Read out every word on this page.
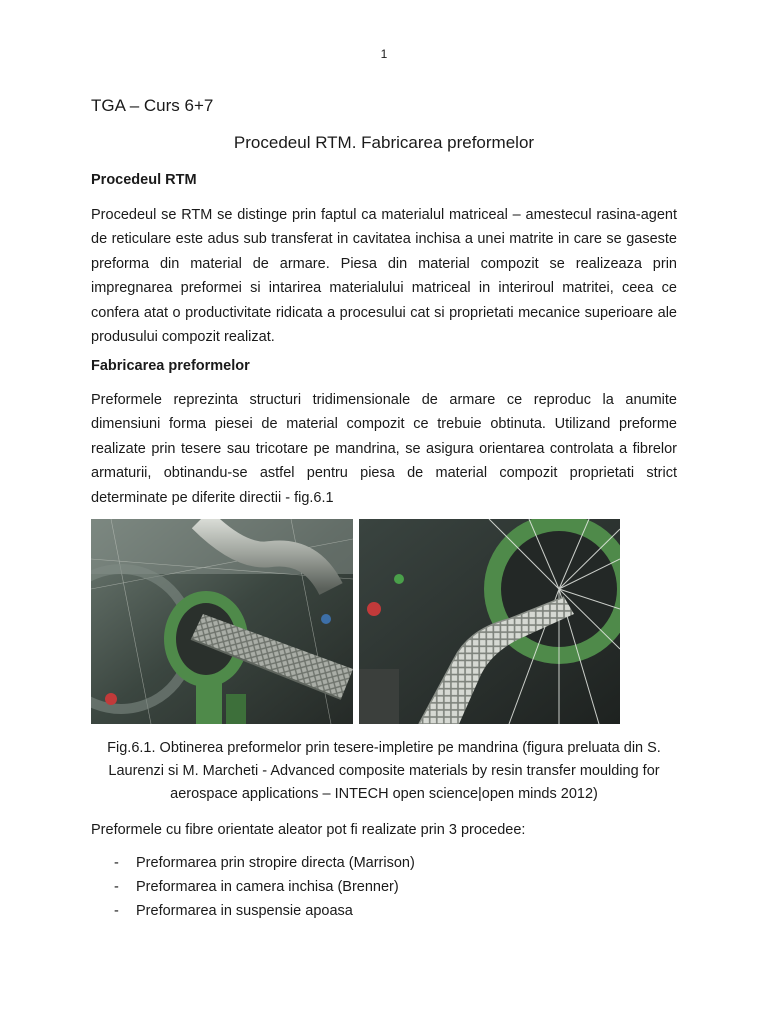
1
TGA – Curs 6+7
Procedeul RTM. Fabricarea preformelor
Procedeul RTM
Procedeul se RTM se distinge prin faptul ca materialul matriceal – amestecul rasina-agent de reticulare este adus sub transferat in cavitatea inchisa a unei matrite in care se gaseste preforma din material de armare. Piesa din material compozit se realizeaza prin impregnarea preformei si intarirea materialului matriceal in interiroul matritei, ceea ce confera atat o productivitate ridicata a procesului cat si proprietati mecanice superioare ale produsului compozit realizat.
Fabricarea preformelor
Preformele reprezinta structuri tridimensionale de armare ce reproduc la anumite dimensiuni forma piesei de material compozit ce trebuie obtinuta. Utilizand preforme realizate prin tesere sau tricotare pe mandrina, se asigura orientarea controlata a fibrelor armaturii, obtinandu-se astfel pentru piesa de material compozit proprietati strict determinate pe diferite directii - fig.6.1
Fig.6.1. Obtinerea preformelor prin tesere-impletire pe mandrina (figura preluata din S. Laurenzi si M. Marcheti - Advanced composite materials by resin transfer moulding for aerospace applications – INTECH open science|open minds 2012)
Preformele cu fibre orientate aleator pot fi realizate prin 3 procedee:
- Preformarea prin stropire directa (Marrison)
- Preformarea in camera inchisa (Brenner)
- Preformarea in suspensie apoasa
